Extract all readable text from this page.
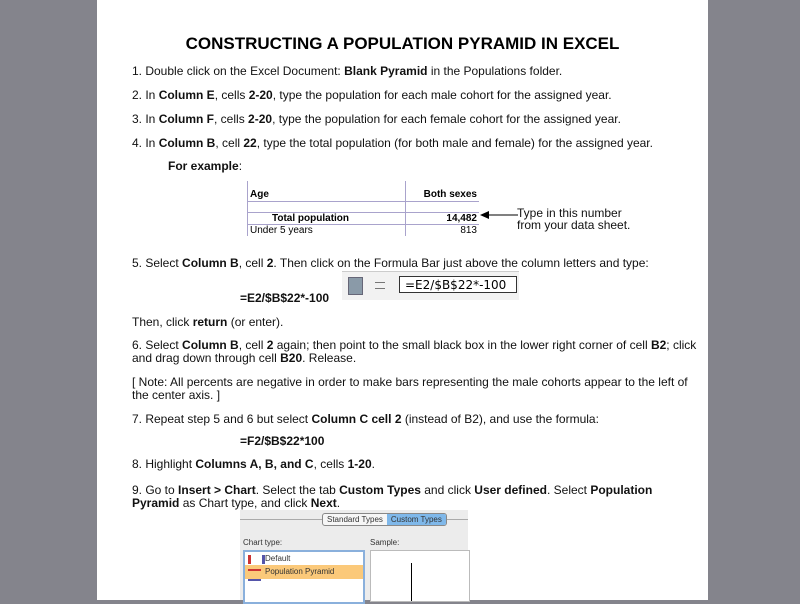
CONSTRUCTING A POPULATION PYRAMID IN EXCEL
1. Double click on the Excel Document: Blank Pyramid in the Populations folder.
2. In Column E, cells 2-20, type the population for each male cohort for the assigned year.
3. In Column F, cells 2-20, type the population for each female cohort for the assigned year.
4. In Column B, cell 22, type the total population (for both male and female) for the assigned year.
For example:
Age	Both sexes
Total population	14,482
Under 5 years	813
Type in this number
from your data sheet.
5. Select Column B, cell 2. Then click on the Formula Bar just above the column letters and type:
=E2/$B$22*-100
=E2/$B$22*-100
Then, click return (or enter).
6. Select Column B, cell 2 again; then point to the small black box in the lower right corner of cell B2; click
and drag down through cell B20. Release.
[ Note: All percents are negative in order to make bars representing the male cohorts appear to the left of
the center axis. ]
7. Repeat step 5 and 6 but select Column C cell 2 (instead of B2), and use the formula:
=F2/$B$22*100
8. Highlight Columns A, B, and C, cells 1-20.
9. Go to Insert > Chart. Select the tab Custom Types and click User defined. Select Population
Pyramid as Chart type, and click Next.
Standard Types	Custom Types
Chart type:	Sample:
Default
Population Pyramid
